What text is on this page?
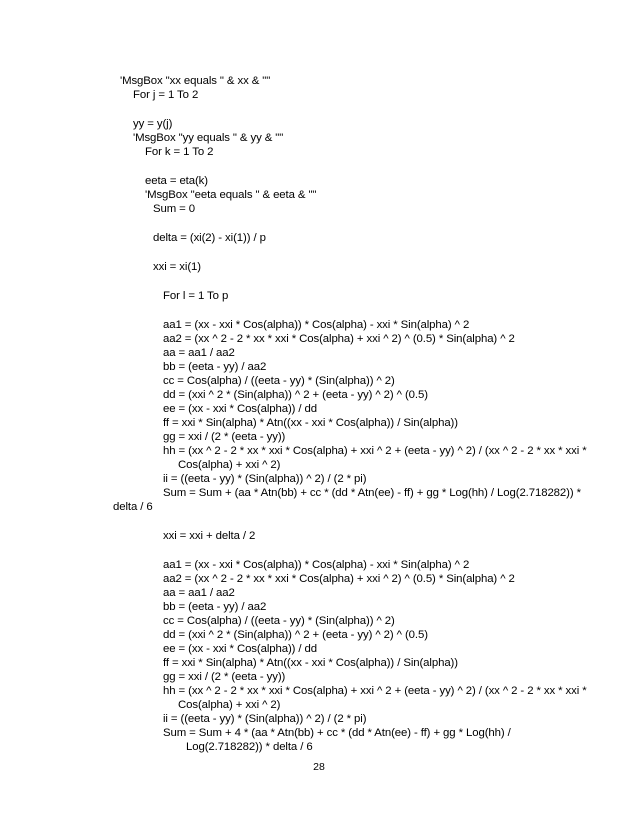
'MsgBox "xx equals " & xx & ""
For j = 1 To 2
yy = y(j)
'MsgBox "yy equals " & yy & ""
For k = 1 To 2
eeta = eta(k)
'MsgBox "eeta equals " & eeta & ""
Sum = 0
delta = (xi(2) - xi(1)) / p
xxi = xi(1)
For l = 1 To p
aa1 = (xx - xxi * Cos(alpha)) * Cos(alpha) - xxi * Sin(alpha) ^ 2
aa2 = (xx ^ 2 - 2 * xx * xxi * Cos(alpha) + xxi ^ 2) ^ (0.5) * Sin(alpha) ^ 2
aa = aa1 / aa2
bb = (eeta - yy) / aa2
cc = Cos(alpha) / ((eeta - yy) * (Sin(alpha)) ^ 2)
dd = (xxi ^ 2 * (Sin(alpha)) ^ 2 + (eeta - yy) ^ 2) ^ (0.5)
ee = (xx - xxi * Cos(alpha)) / dd
ff = xxi * Sin(alpha) * Atn((xx - xxi * Cos(alpha)) / Sin(alpha))
gg = xxi / (2 * (eeta - yy))
hh = (xx ^ 2 - 2 * xx * xxi * Cos(alpha) + xxi ^ 2 + (eeta - yy) ^ 2) / (xx ^ 2 - 2 * xx * xxi *
Cos(alpha) + xxi ^ 2)
ii = ((eeta - yy) * (Sin(alpha)) ^ 2) / (2 * pi)
Sum = Sum + (aa * Atn(bb) + cc * (dd * Atn(ee) - ff) + gg * Log(hh) / Log(2.718282)) *
delta / 6
xxi = xxi + delta / 2
aa1 = (xx - xxi * Cos(alpha)) * Cos(alpha) - xxi * Sin(alpha) ^ 2
aa2 = (xx ^ 2 - 2 * xx * xxi * Cos(alpha) + xxi ^ 2) ^ (0.5) * Sin(alpha) ^ 2
aa = aa1 / aa2
bb = (eeta - yy) / aa2
cc = Cos(alpha) / ((eeta - yy) * (Sin(alpha)) ^ 2)
dd = (xxi ^ 2 * (Sin(alpha)) ^ 2 + (eeta - yy) ^ 2) ^ (0.5)
ee = (xx - xxi * Cos(alpha)) / dd
ff = xxi * Sin(alpha) * Atn((xx - xxi * Cos(alpha)) / Sin(alpha))
gg = xxi / (2 * (eeta - yy))
hh = (xx ^ 2 - 2 * xx * xxi * Cos(alpha) + xxi ^ 2 + (eeta - yy) ^ 2) / (xx ^ 2 - 2 * xx * xxi *
Cos(alpha) + xxi ^ 2)
ii = ((eeta - yy) * (Sin(alpha)) ^ 2) / (2 * pi)
Sum = Sum + 4 * (aa * Atn(bb) + cc * (dd * Atn(ee) - ff) + gg * Log(hh) /
Log(2.718282)) * delta / 6
28
